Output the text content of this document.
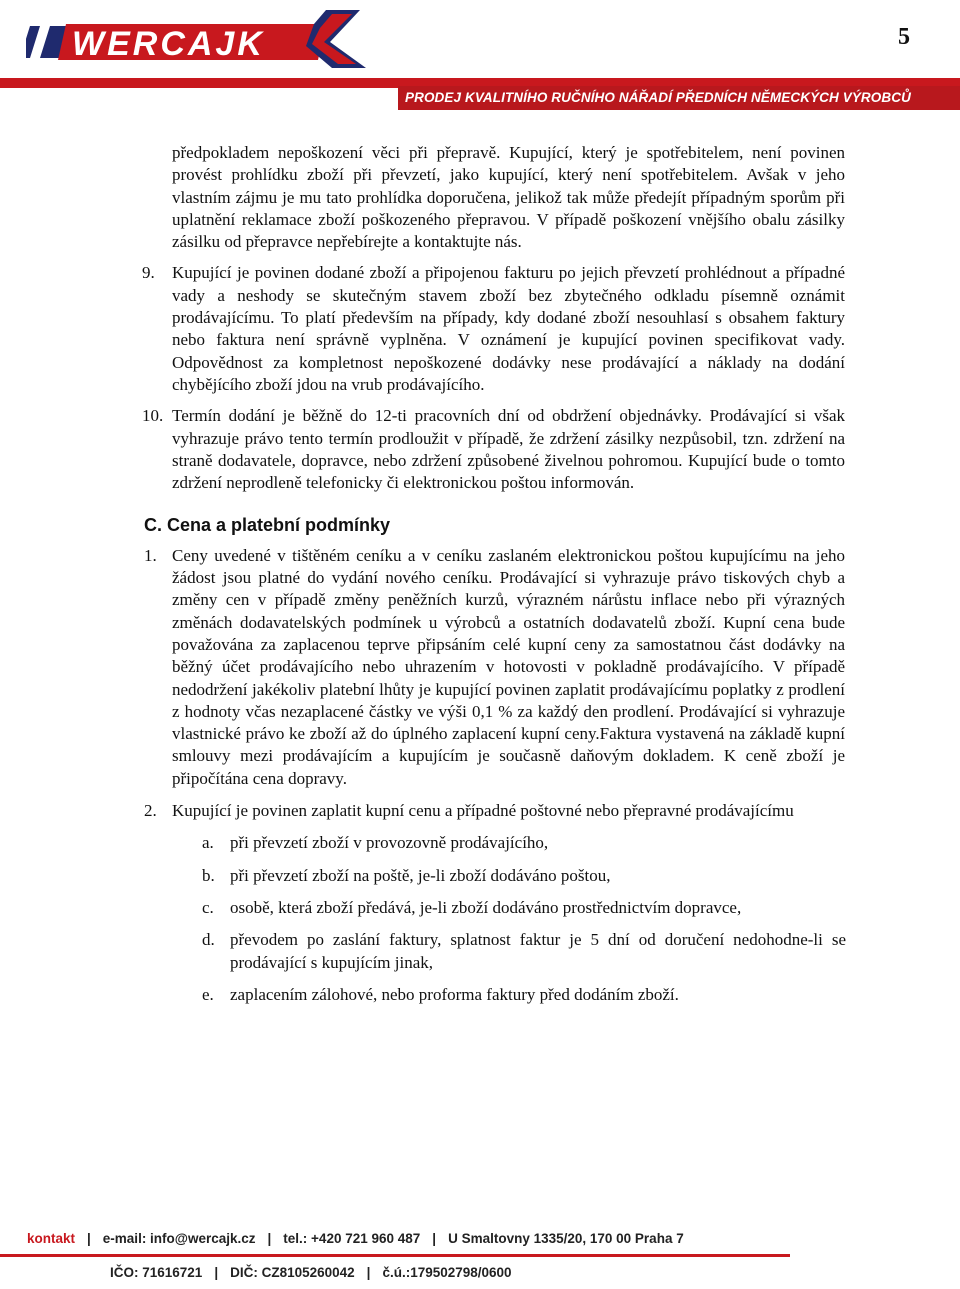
WERCAJK	5
PRODEJ KVALITNÍHO RUČNÍHO NÁŘADÍ PŘEDNÍCH NĚMECKÝCH VÝROBCŮ
předpokladem nepoškození věci při přepravě. Kupující, který je spotřebitelem, není povinen provést prohlídku zboží při převzetí, jako kupující, který není spotřebitelem. Avšak v jeho vlastním zájmu je mu tato prohlídka doporučena, jelikož tak může předejít případným sporům při uplatnění reklamace zboží poškozeného přepravou. V případě poškození vnějšího obalu zásilky zásilku od přepravce nepřebírejte a kontaktujte nás.
9.	Kupující je povinen dodané zboží a připojenou fakturu po jejich převzetí prohlédnout a případné vady a neshody se skutečným stavem zboží bez zbytečného odkladu písemně oznámit prodávajícímu. To platí především na případy, kdy dodané zboží nesouhlasí s obsahem faktury nebo faktura není správně vyplněna. V oznámení je kupující povinen specifikovat vady. Odpovědnost za kompletnost nepoškozené dodávky nese prodávající a náklady na dodání chybějícího zboží jdou na vrub prodávajícího.
10. Termín dodání je běžně do 12-ti pracovních dní od obdržení objednávky. Prodávající si však vyhrazuje právo tento termín prodloužit v případě, že zdržení zásilky nezpůsobil, tzn. zdržení na straně dodavatele, dopravce, nebo zdržení způsobené živelnou pohromou. Kupující bude o tomto zdržení neprodleně telefonicky či elektronickou poštou informován.
C. Cena a platební podmínky
1. Ceny uvedené v tištěném ceníku a v ceníku zaslaném elektronickou poštou kupujícímu na jeho žádost jsou platné do vydání nového ceníku. Prodávající si vyhrazuje právo tiskových chyb a změny cen v případě změny peněžních kurzů, výrazném nárůstu inflace nebo při výrazných změnách dodavatelských podmínek u výrobců a ostatních dodavatelů zboží. Kupní cena bude považována za zaplacenou teprve připsáním celé kupní ceny za samostatnou část dodávky na běžný účet prodávajícího nebo uhrazením v hotovosti v pokladně prodávajícího. V případě nedodržení jakékoliv platební lhůty je kupující povinen zaplatit prodávajícímu poplatky z prodlení z hodnoty včas nezaplacené částky ve výši 0,1 % za každý den prodlení. Prodávající si vyhrazuje vlastnické právo ke zboží až do úplného zaplacení kupní ceny.Faktura vystavená na základě kupní smlouvy mezi prodávajícím a kupujícím je současně daňovým dokladem. K ceně zboží je připočítána cena dopravy.
2. Kupující je povinen zaplatit kupní cenu a případné poštovné nebo přepravné prodávajícímu
a. při převzetí zboží v provozovně prodávajícího,
b. při převzetí zboží na poště, je-li zboží dodáváno poštou,
c. osobě, která zboží předává, je-li zboží dodáváno prostřednictvím dopravce,
d. převodem po zaslání faktury, splatnost faktur je 5 dní od doručení nedohodne-li se prodávající s kupujícím jinak,
e. zaplacením zálohové, nebo proforma faktury před dodáním zboží.
kontakt | e-mail: info@wercajk.cz | tel.: +420 721 960 487 | U Smaltovny 1335/20, 170 00 Praha 7
IČO: 71616721 | DIČ: CZ8105260042 | č.ú.:179502798/0600
